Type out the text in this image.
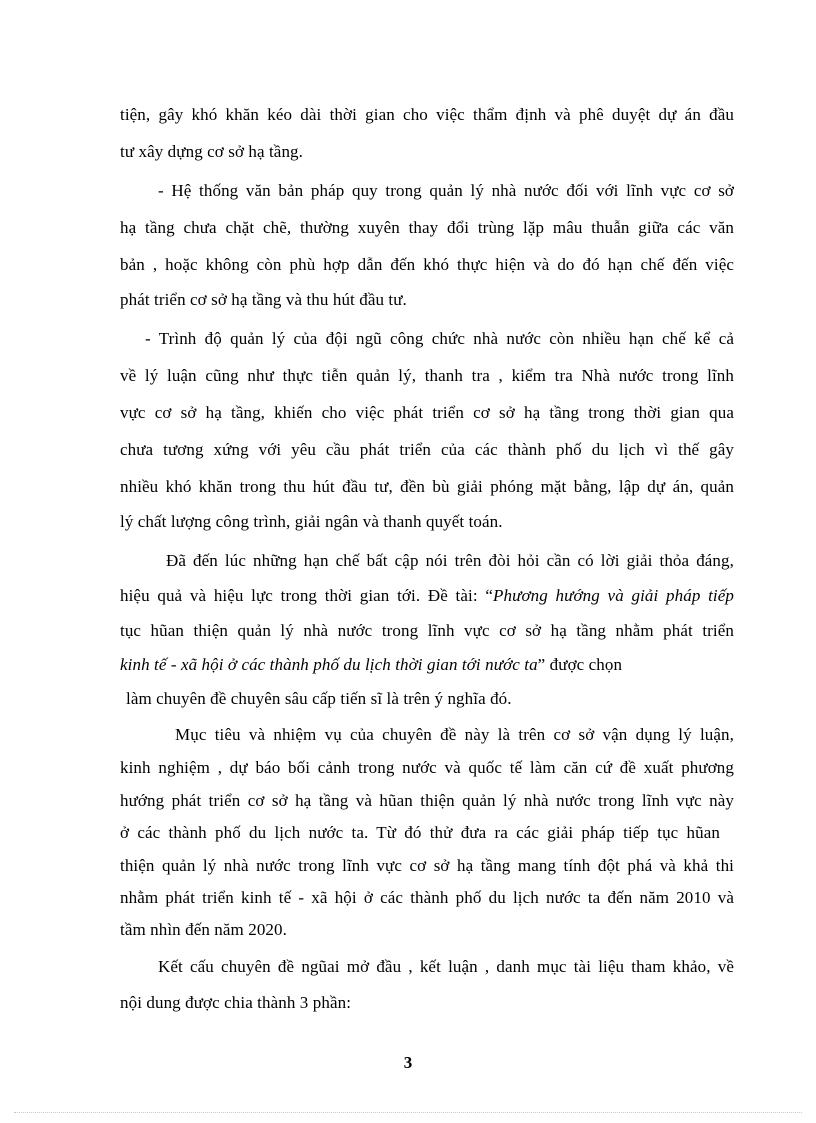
tiện, gây khó khăn kéo dài thời gian cho việc thẩm định và phê duyệt dự án đầu
tư xây dựng cơ sở hạ tầng.
- Hệ thống văn bản pháp quy trong quản lý nhà nước đối với lĩnh vực cơ sở
hạ tầng chưa chặt chẽ, thường xuyên thay đổi trùng lặp mâu thuẫn giữa các văn
bản , hoặc không còn phù hợp dẫn đến khó thực hiện và do đó hạn chế đến việc
phát triển cơ sở hạ tầng và thu hút đầu tư.
- Trình độ quản lý của đội ngũ công chức nhà nước còn nhiều hạn chế kể cả
về lý luận cũng như thực tiễn quản lý, thanh tra , kiểm tra Nhà nước trong lĩnh
vực cơ sở hạ tầng, khiến cho việc phát triển cơ sở hạ tầng trong thời gian qua
chưa tương xứng với yêu cầu phát triển của các thành phố du lịch vì thế gây
nhiều khó khăn trong thu hút đầu tư, đền bù giải phóng mặt bằng, lập dự án, quản
lý chất lượng công trình, giải ngân và thanh quyết toán.
Đã đến lúc những hạn chế bất cập nói trên đòi hỏi cần có lời giải thỏa đáng,
hiệu quả và hiệu lực trong thời gian tới. Đề tài: “Phương hướng và giải pháp tiếp
tục hũan thiện quản lý nhà nước trong lĩnh vực cơ sở hạ tầng nhằm phát triển
kinh tế - xã hội ở các thành phố du lịch thời gian tới nước ta” được chọn
làm chuyên đề chuyên sâu cấp tiến sĩ là trên ý nghĩa đó.
Mục tiêu và nhiệm vụ của chuyên đề này là trên cơ sở vận dụng lý luận,
kinh nghiệm , dự báo bối cảnh trong nước và quốc tế làm căn cứ đề xuất phương
hướng phát triển cơ sở hạ tầng và hũan thiện quản lý nhà nước trong lĩnh vực này
ở các thành phố du lịch nước ta. Từ đó thử đưa ra các giải pháp tiếp tục hũan
thiện quản lý nhà nước trong lĩnh vực cơ sở hạ tầng mang tính đột phá và khả thi
nhằm phát triển kinh tế - xã hội ở các thành phố du lịch nước ta đến năm 2010 và
tầm nhìn đến năm 2020.
Kết cấu chuyên đề ngũai mở đầu , kết luận , danh mục tài liệu tham khảo, về
nội dung được chia thành 3 phần:
3
